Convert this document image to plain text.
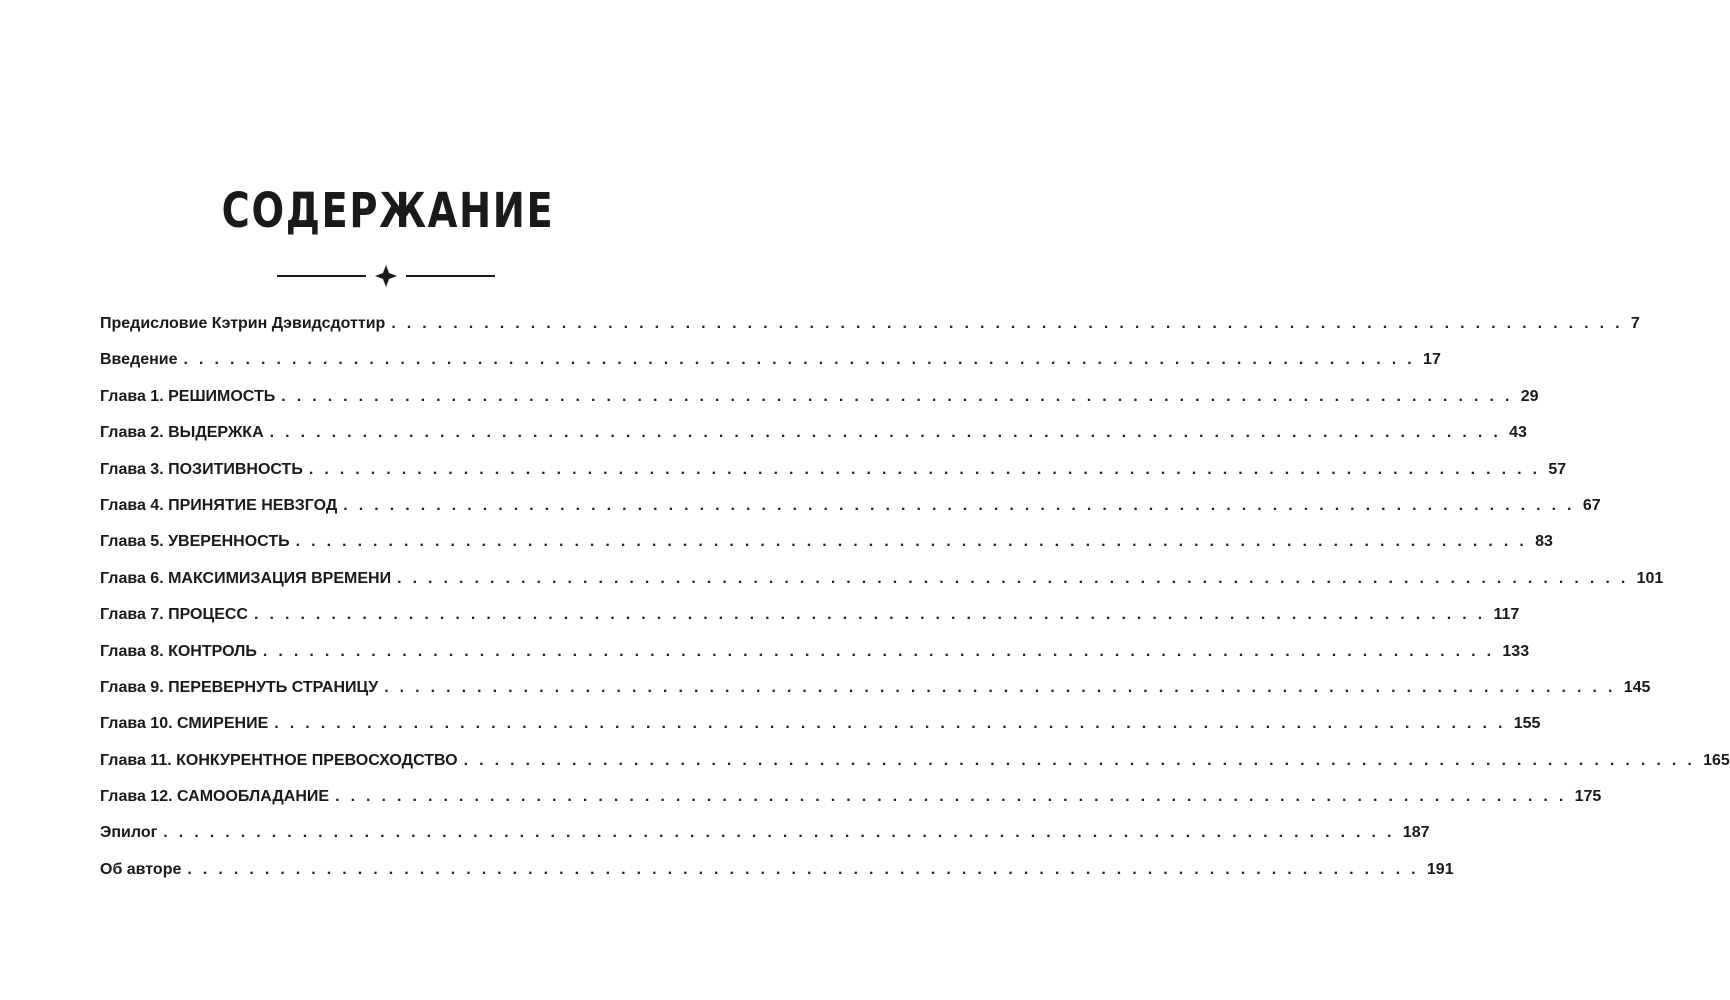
СОДЕРЖАНИЕ
Предисловие Кэтрин Дэвидсдоттир . . . . . . . . . . . . . . . . . . . . . . . . . . . . . . . . . . . . . . . . . . . . . . . . . . . . . . . . . . . . . . . . . . . . . . . . . . . . . . . . 7
Введение . . . . . . . . . . . . . . . . . . . . . . . . . . . . . . . . . . . . . . . . . . . . . . . . . . . . . . . . . . . . . . . . . . . . . . . . . . . . . . . . 17
Глава 1. РЕШИМОСТЬ . . . . . . . . . . . . . . . . . . . . . . . . . . . . . . . . . . . . . . . . . . . . . . . . . . . . . . . . . . . . . . . . . . . . . . . . . . . . . . . . 29
Глава 2. ВЫДЕРЖКА . . . . . . . . . . . . . . . . . . . . . . . . . . . . . . . . . . . . . . . . . . . . . . . . . . . . . . . . . . . . . . . . . . . . . . . . . . . . . . . . 43
Глава 3. ПОЗИТИВНОСТЬ . . . . . . . . . . . . . . . . . . . . . . . . . . . . . . . . . . . . . . . . . . . . . . . . . . . . . . . . . . . . . . . . . . . . . . . . . . . . . . . . 57
Глава 4. ПРИНЯТИЕ НЕВЗГОД . . . . . . . . . . . . . . . . . . . . . . . . . . . . . . . . . . . . . . . . . . . . . . . . . . . . . . . . . . . . . . . . . . . . . . . . . . . . . . . . 67
Глава 5. УВЕРЕННОСТЬ . . . . . . . . . . . . . . . . . . . . . . . . . . . . . . . . . . . . . . . . . . . . . . . . . . . . . . . . . . . . . . . . . . . . . . . . . . . . . . . . 83
Глава 6. МАКСИМИЗАЦИЯ ВРЕМЕНИ . . . . . . . . . . . . . . . . . . . . . . . . . . . . . . . . . . . . . . . . . . . . . . . . . . . . . . . . . . . . . . . . . . . . . . . . . . . . . . . . 101
Глава 7. ПРОЦЕСС . . . . . . . . . . . . . . . . . . . . . . . . . . . . . . . . . . . . . . . . . . . . . . . . . . . . . . . . . . . . . . . . . . . . . . . . . . . . . . . . 117
Глава 8. КОНТРОЛЬ . . . . . . . . . . . . . . . . . . . . . . . . . . . . . . . . . . . . . . . . . . . . . . . . . . . . . . . . . . . . . . . . . . . . . . . . . . . . . . . . 133
Глава 9. ПЕРЕВЕРНУТЬ СТРАНИЦУ . . . . . . . . . . . . . . . . . . . . . . . . . . . . . . . . . . . . . . . . . . . . . . . . . . . . . . . . . . . . . . . . . . . . . . . . . . . . . . . . 145
Глава 10. СМИРЕНИЕ . . . . . . . . . . . . . . . . . . . . . . . . . . . . . . . . . . . . . . . . . . . . . . . . . . . . . . . . . . . . . . . . . . . . . . . . . . . . . . . . 155
Глава 11. КОНКУРЕНТНОЕ ПРЕВОСХОДСТВО . . . . . . . . . . . . . . . . . . . . . . . . . . . . . . . . . . . . . . . . . . . . . . . . . . . . . . . . . . . . . . . . . . . . . . . . . . . . . . . . 165
Глава 12. САМООБЛАДАНИЕ . . . . . . . . . . . . . . . . . . . . . . . . . . . . . . . . . . . . . . . . . . . . . . . . . . . . . . . . . . . . . . . . . . . . . . . . . . . . . . . . 175
Эпилог . . . . . . . . . . . . . . . . . . . . . . . . . . . . . . . . . . . . . . . . . . . . . . . . . . . . . . . . . . . . . . . . . . . . . . . . . . . . . . . . 187
Об авторе . . . . . . . . . . . . . . . . . . . . . . . . . . . . . . . . . . . . . . . . . . . . . . . . . . . . . . . . . . . . . . . . . . . . . . . . . . . . . . . . 191
